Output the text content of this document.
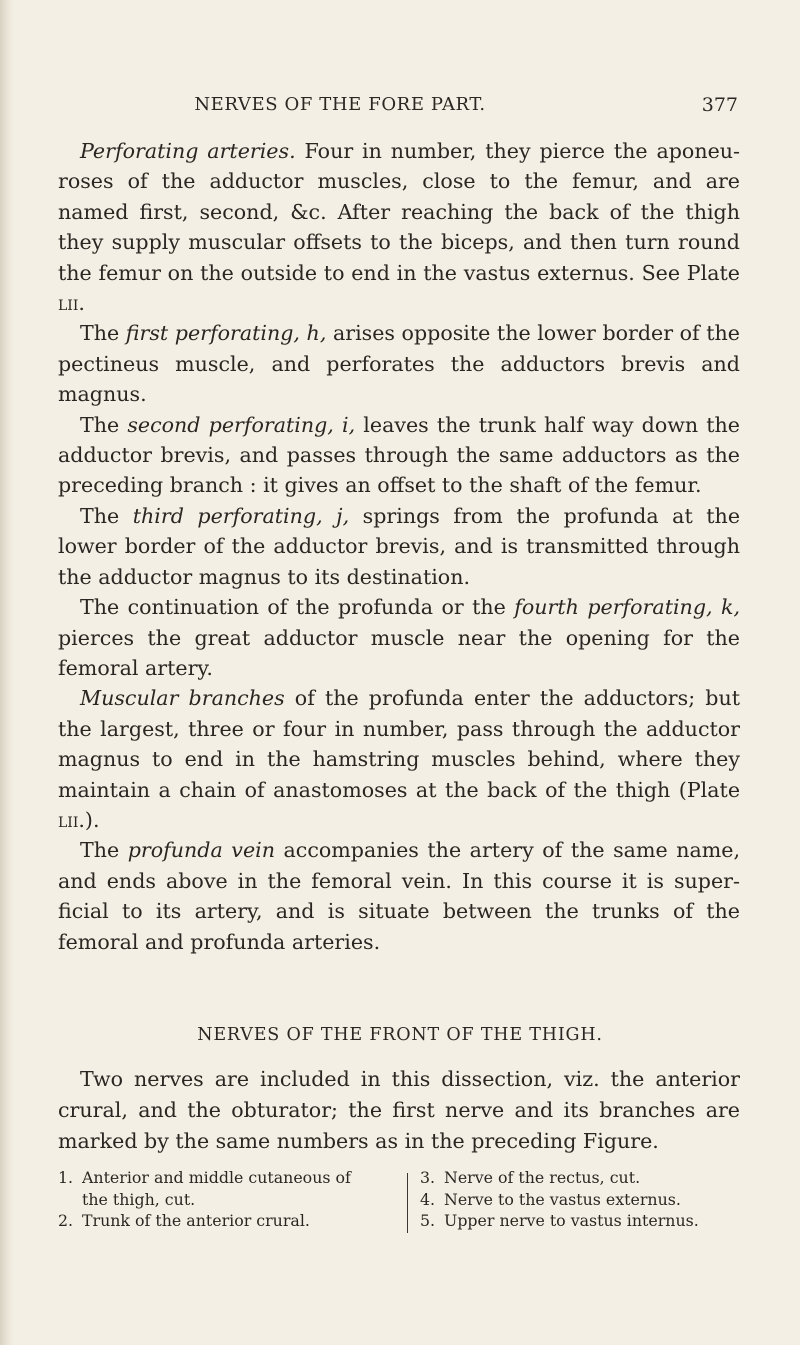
NERVES OF THE FORE PART.	377

Perforating arteries. Four in number, they pierce the aponeuroses of the adductor muscles, close to the femur, and are named first, second, &c. After reaching the back of the thigh they supply muscular offsets to the biceps, and then turn round the femur on the outside to end in the vastus externus. See Plate lii.

The first perforating, h, arises opposite the lower border of the pectineus muscle, and perforates the adductors brevis and magnus.

The second perforating, i, leaves the trunk half way down the adductor brevis, and passes through the same adductors as the preceding branch : it gives an offset to the shaft of the femur.

The third perforating, j, springs from the profunda at the lower border of the adductor brevis, and is transmitted through the adductor magnus to its destination.

The continuation of the profunda or the fourth perforating, k, pierces the great adductor muscle near the opening for the femoral artery.

Muscular branches of the profunda enter the adductors; but the largest, three or four in number, pass through the adductor magnus to end in the hamstring muscles behind, where they maintain a chain of anastomoses at the back of the thigh (Plate lii.).

The profunda vein accompanies the artery of the same name, and ends above in the femoral vein. In this course it is superficial to its artery, and is situate between the trunks of the femoral and profunda arteries.

NERVES OF THE FRONT OF THE THIGH.

Two nerves are included in this dissection, viz. the anterior crural, and the obturator; the first nerve and its branches are marked by the same numbers as in the preceding Figure.

1. Anterior and middle cutaneous of the thigh, cut.
2. Trunk of the anterior crural.
3. Nerve of the rectus, cut.
4. Nerve to the vastus externus.
5. Upper nerve to vastus internus.
